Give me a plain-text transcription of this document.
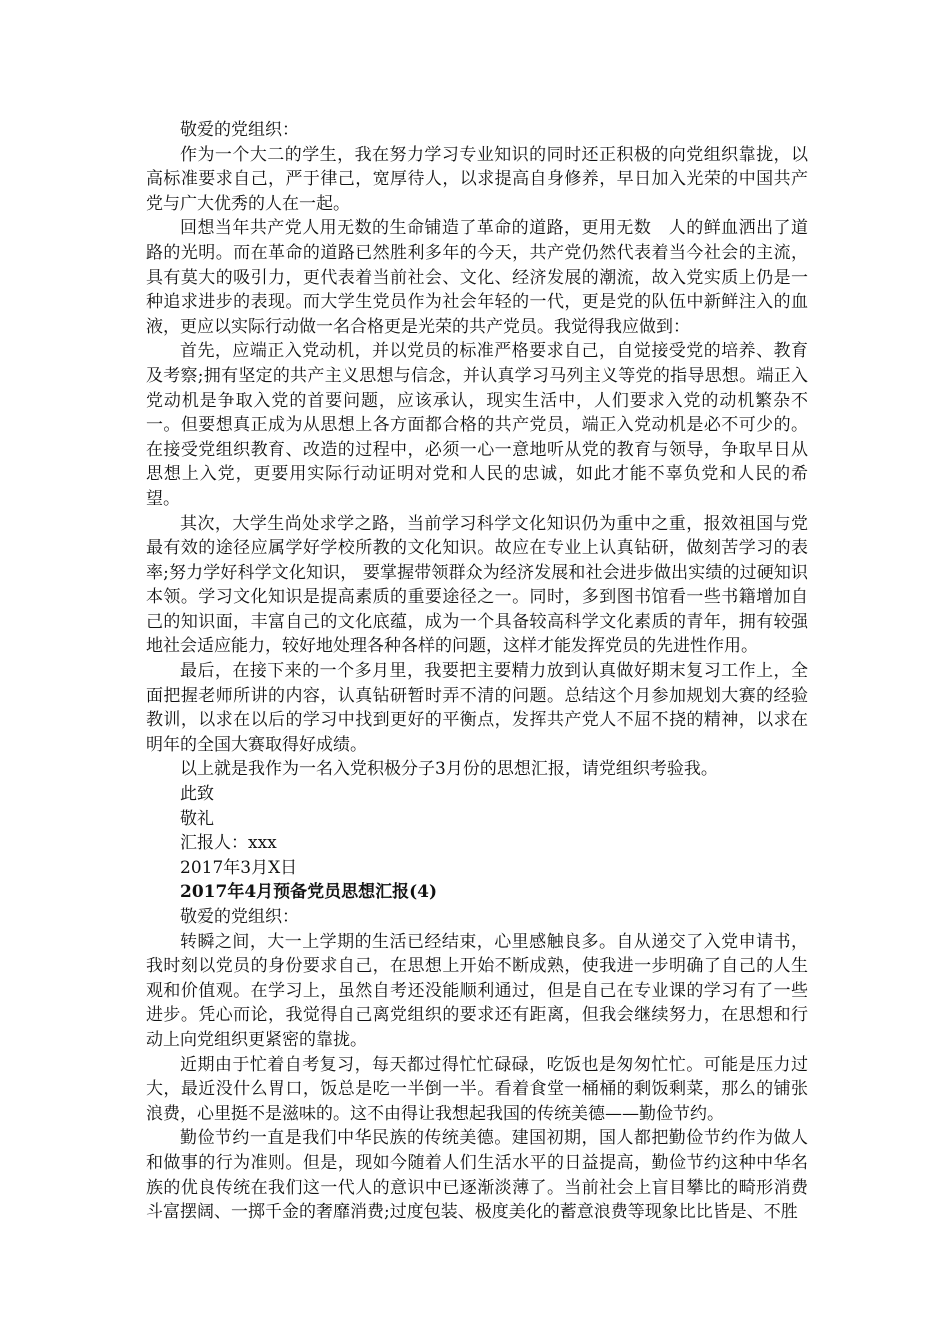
敬爱的党组织：

作为一个大二的学生，我在努力学习专业知识的同时还正积极的向党组织靠拢，以高标准要求自己，严于律己，宽厚待人，以求提高自身修养，早日加入光荣的中国共产党与广大优秀的人在一起。

回想当年共产党人用无数的生命铺造了革命的道路，更用无数　人的鲜血洒出了道路的光明。而在革命的道路已然胜利多年的今天，共产党仍然代表着当今社会的主流，具有莫大的吸引力，更代表着当前社会、文化、经济发展的潮流，故入党实质上仍是一种追求进步的表现。而大学生党员作为社会年轻的一代，更是党的队伍中新鲜注入的血液，更应以实际行动做一名合格更是光荣的共产党员。我觉得我应做到：

首先，应端正入党动机，并以党员的标准严格要求自己，自觉接受党的培养、教育及考察;拥有坚定的共产主义思想与信念，并认真学习马列主义等党的指导思想。端正入党动机是争取入党的首要问题，应该承认，现实生活中，人们要求入党的动机繁杂不一。但要想真正成为从思想上各方面都合格的共产党员，端正入党动机是必不可少的。在接受党组织教育、改造的过程中，必须一心一意地听从党的教育与领导，争取早日从思想上入党，更要用实际行动证明对党和人民的忠诚，如此才能不辜负党和人民的希望。

其次，大学生尚处求学之路，当前学习科学文化知识仍为重中之重，报效祖国与党最有效的途径应属学好学校所教的文化知识。故应在专业上认真钻研，做刻苦学习的表率;努力学好科学文化知识， 要掌握带领群众为经济发展和社会进步做出实绩的过硬知识本领。学习文化知识是提高素质的重要途径之一。同时，多到图书馆看一些书籍增加自己的知识面，丰富自己的文化底蕴，成为一个具备较高科学文化素质的青年，拥有较强地社会适应能力，较好地处理各种各样的问题，这样才能发挥党员的先进性作用。

最后，在接下来的一个多月里，我要把主要精力放到认真做好期末复习工作上，全面把握老师所讲的内容，认真钻研暂时弄不清的问题。总结这个月参加规划大赛的经验教训，以求在以后的学习中找到更好的平衡点，发挥共产党人不屈不挠的精神，以求在明年的全国大赛取得好成绩。

以上就是我作为一名入党积极分子3月份的思想汇报，请党组织考验我。

此致

敬礼

汇报人：xxx

2017年3月X日

2017年4月预备党员思想汇报(4)

敬爱的党组织：

转瞬之间，大一上学期的生活已经结束，心里感触良多。自从递交了入党申请书，我时刻以党员的身份要求自己，在思想上开始不断成熟，使我进一步明确了自己的人生观和价值观。在学习上，虽然自考还没能顺利通过，但是自己在专业课的学习有了一些进步。凭心而论，我觉得自己离党组织的要求还有距离，但我会继续努力，在思想和行动上向党组织更紧密的靠拢。

近期由于忙着自考复习，每天都过得忙忙碌碌，吃饭也是匆匆忙忙。可能是压力过大，最近没什么胃口，饭总是吃一半倒一半。看着食堂一桶桶的剩饭剩菜，那么的铺张浪费，心里挺不是滋味的。这不由得让我想起我国的传统美德——勤俭节约。

勤俭节约一直是我们中华民族的传统美德。建国初期，国人都把勤俭节约作为做人和做事的行为准则。但是，现如今随着人们生活水平的日益提高，勤俭节约这种中华名族的优良传统在我们这一代人的意识中已逐渐淡薄了。当前社会上盲目攀比的畸形消费斗富摆阔、一掷千金的奢靡消费;过度包装、极度美化的蓄意浪费等现象比比皆是、不胜
